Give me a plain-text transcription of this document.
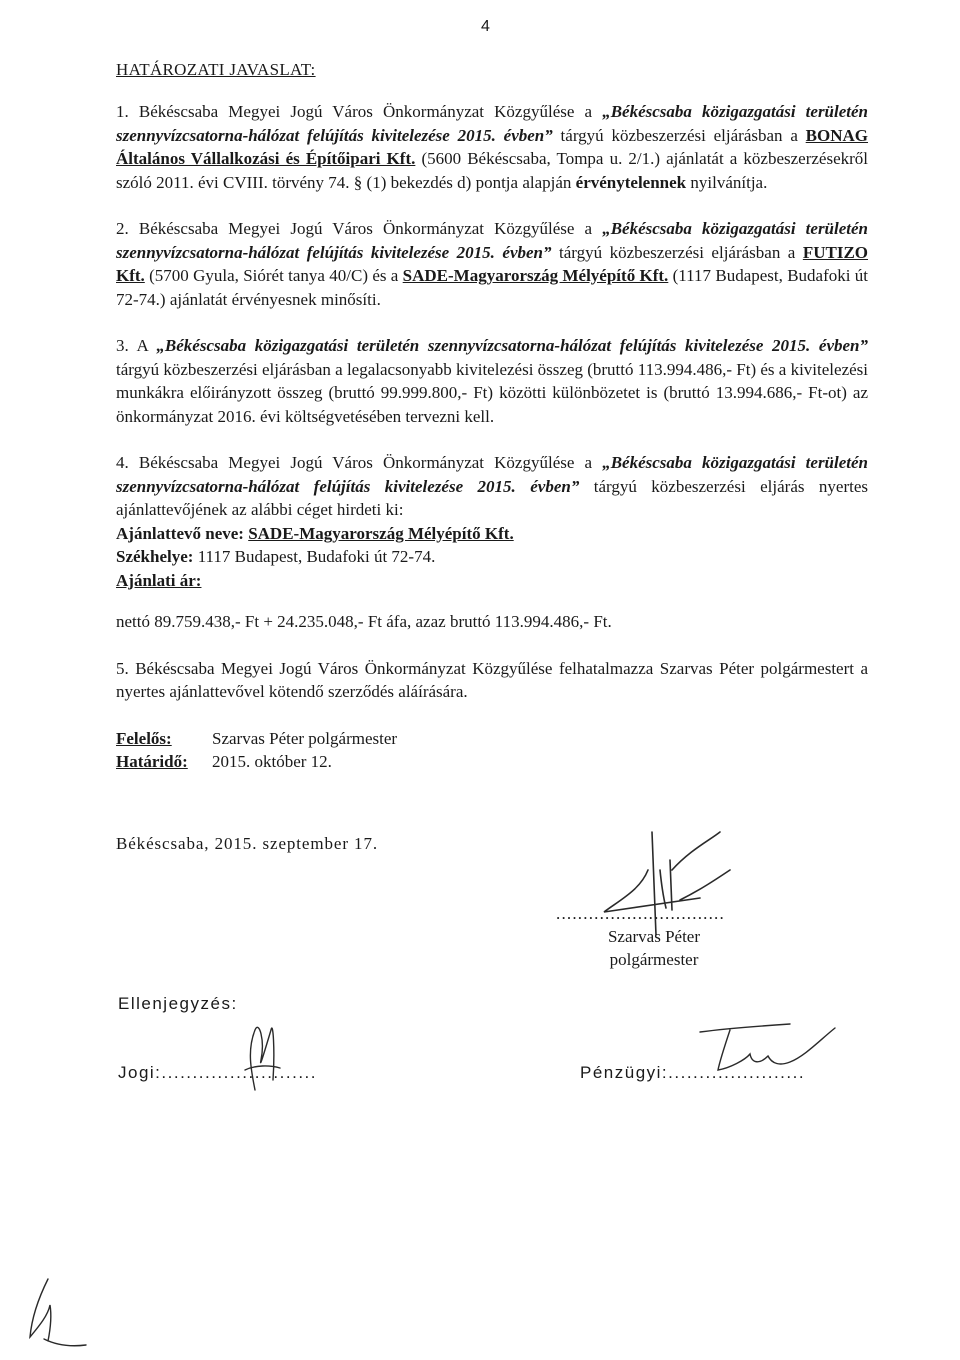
4
HATÁROZATI JAVASLAT:

1. Békéscsaba Megyei Jogú Város Önkormányzat Közgyűlése a „Békéscsaba közigazgatási területén szennyvízcsatorna-hálózat felújítás kivitelezése 2015. évben” tárgyú közbeszerzési eljárásban a BONAG Általános Vállalkozási és Építőipari Kft. (5600 Békéscsaba, Tompa u. 2/1.) ajánlatát a közbeszerzésekről szóló 2011. évi CVIII. törvény 74. § (1) bekezdés d) pontja alapján érvénytelennek nyilvánítja.

2. Békéscsaba Megyei Jogú Város Önkormányzat Közgyűlése a „Békéscsaba közigazgatási területén szennyvízcsatorna-hálózat felújítás kivitelezése 2015. évben” tárgyú közbeszerzési eljárásban a FUTIZO Kft. (5700 Gyula, Siórét tanya 40/C) és a SADE-Magyarország Mélyépítő Kft. (1117 Budapest, Budafoki út 72-74.) ajánlatát érvényesnek minősíti.

3. A „Békéscsaba közigazgatási területén szennyvízcsatorna-hálózat felújítás kivitelezése 2015. évben” tárgyú közbeszerzési eljárásban a legalacsonyabb kivitelezési összeg (bruttó 113.994.486,- Ft) és a kivitelezési munkákra előirányzott összeg (bruttó 99.999.800,- Ft) közötti különbözetet is (bruttó 13.994.686,- Ft-ot) az önkormányzat 2016. évi költségvetésében tervezni kell.

4. Békéscsaba Megyei Jogú Város Önkormányzat Közgyűlése a „Békéscsaba közigazgatási területén szennyvízcsatorna-hálózat felújítás kivitelezése 2015. évben” tárgyú közbeszerzési eljárás nyertes ajánlattevőjének az alábbi céget hirdeti ki:
Ajánlattevő neve: SADE-Magyarország Mélyépítő Kft.
Székhelye: 1117 Budapest, Budafoki út 72-74.
Ajánlati ár:
nettó 89.759.438,- Ft + 24.235.048,- Ft áfa, azaz bruttó 113.994.486,- Ft.

5. Békéscsaba Megyei Jogú Város Önkormányzat Közgyűlése felhatalmazza Szarvas Péter polgármestert a nyertes ajánlattevővel kötendő szerződés aláírására.

Felelős: Szarvas Péter polgármester
Határidő: 2015. október 12.

Békéscsaba, 2015. szeptember 17.

...............................
Szarvas Péter
polgármester
Ellenjegyzés:
Jogi:.........................	Pénzügyi:......................
